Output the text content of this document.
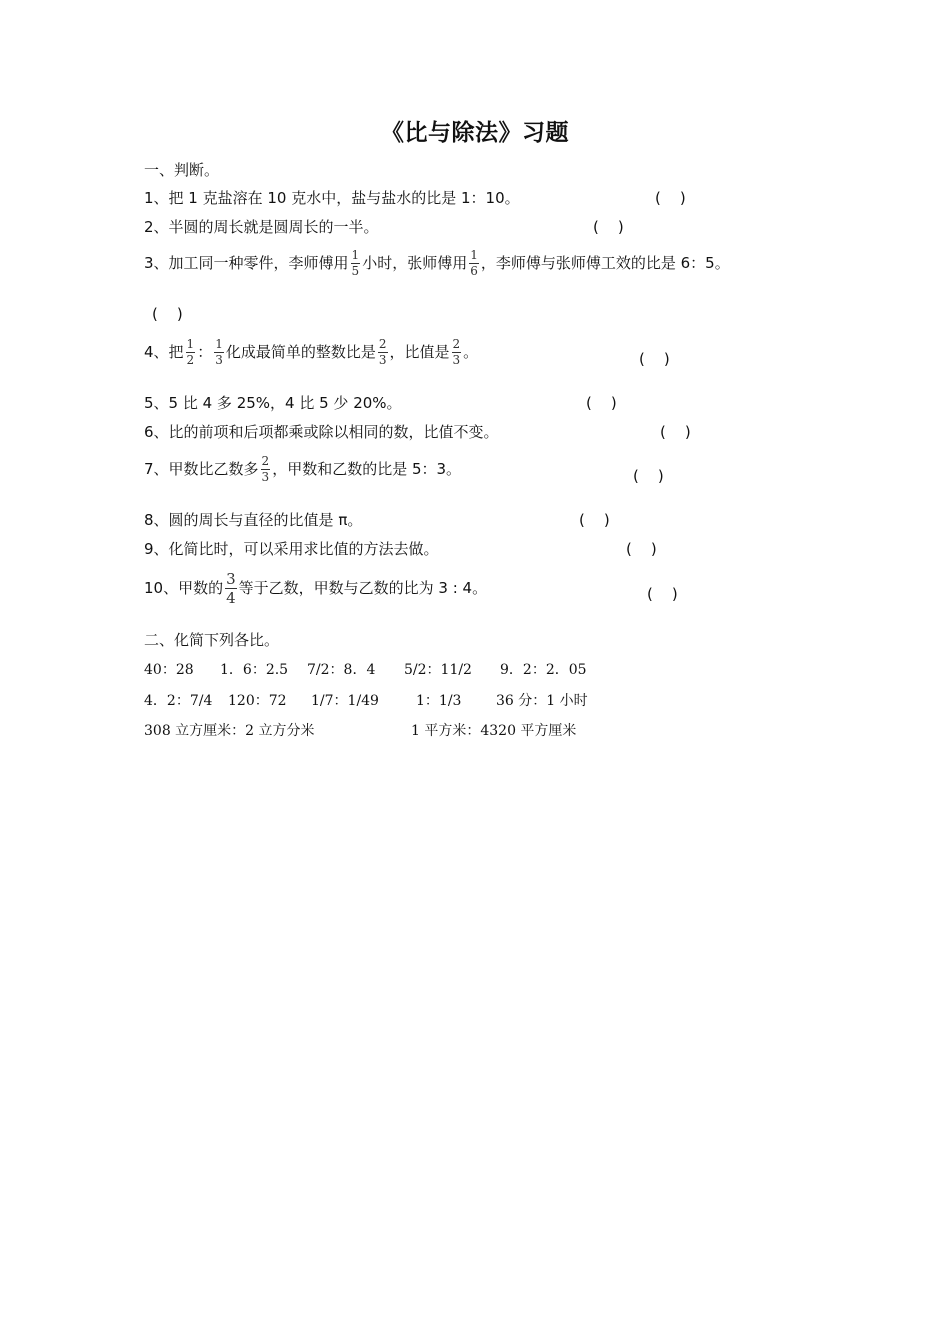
《比与除法》习题
一、判断。
1、把 1 克盐溶在 10 克水中，盐与盐水的比是 1：10。	(    )
2、半圆的周长就是圆周长的一半。	(    )
3、加工同一种零件，李师傅用 $\frac{1}{5}$ 小时，张师傅用 $\frac{1}{6}$ ，李师傅与张师傅工效的比是 6：5。
(    )
4、把 $\frac{1}{2}$ ： $\frac{1}{3}$ 化成最简单的整数比是 $\frac{2}{3}$ ，比值是 $\frac{2}{3}$ 。	(    )
5、5 比 4 多 25%，4 比 5 少 20%。	(    )
6、比的前项和后项都乘或除以相同的数，比值不变。	(    )
7、甲数比乙数多 $\frac{2}{3}$ ，甲数和乙数的比是 5：3。	(    )
8、圆的周长与直径的比值是 π。	(    )
9、化简比时，可以采用求比值的方法去做。	(    )
10、甲数的 $\frac{3}{4}$ 等于乙数，甲数与乙数的比为 3 : 4。	(    )
二、化简下列各比。
40：28 1．6：2.5 7/2：8．4 5/2：11/2 9．2：2．05
4．2：7/4 120：72 1/7：1/49	1：1/3 36 分：1 小时
308 立方厘米：2 立方分米	1 平方米：4320 平方厘米
